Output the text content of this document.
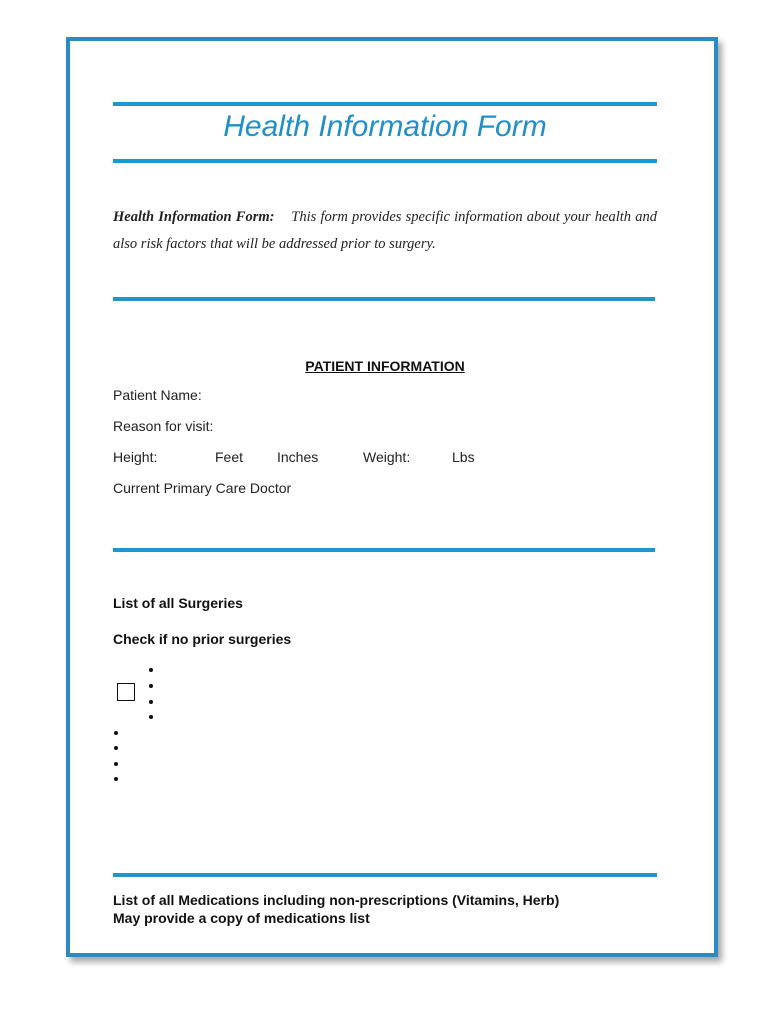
Health Information Form
Health Information Form: This form provides specific information about your health and also risk factors that will be addressed prior to surgery.
PATIENT INFORMATION
Patient Name:
Reason for visit:
Height:	Feet Inches	Weight:	Lbs
Current Primary Care Doctor
List of all Surgeries
Check if no prior surgeries
List of all Medications including non-prescriptions (Vitamins, Herb)
May provide a copy of medications list
